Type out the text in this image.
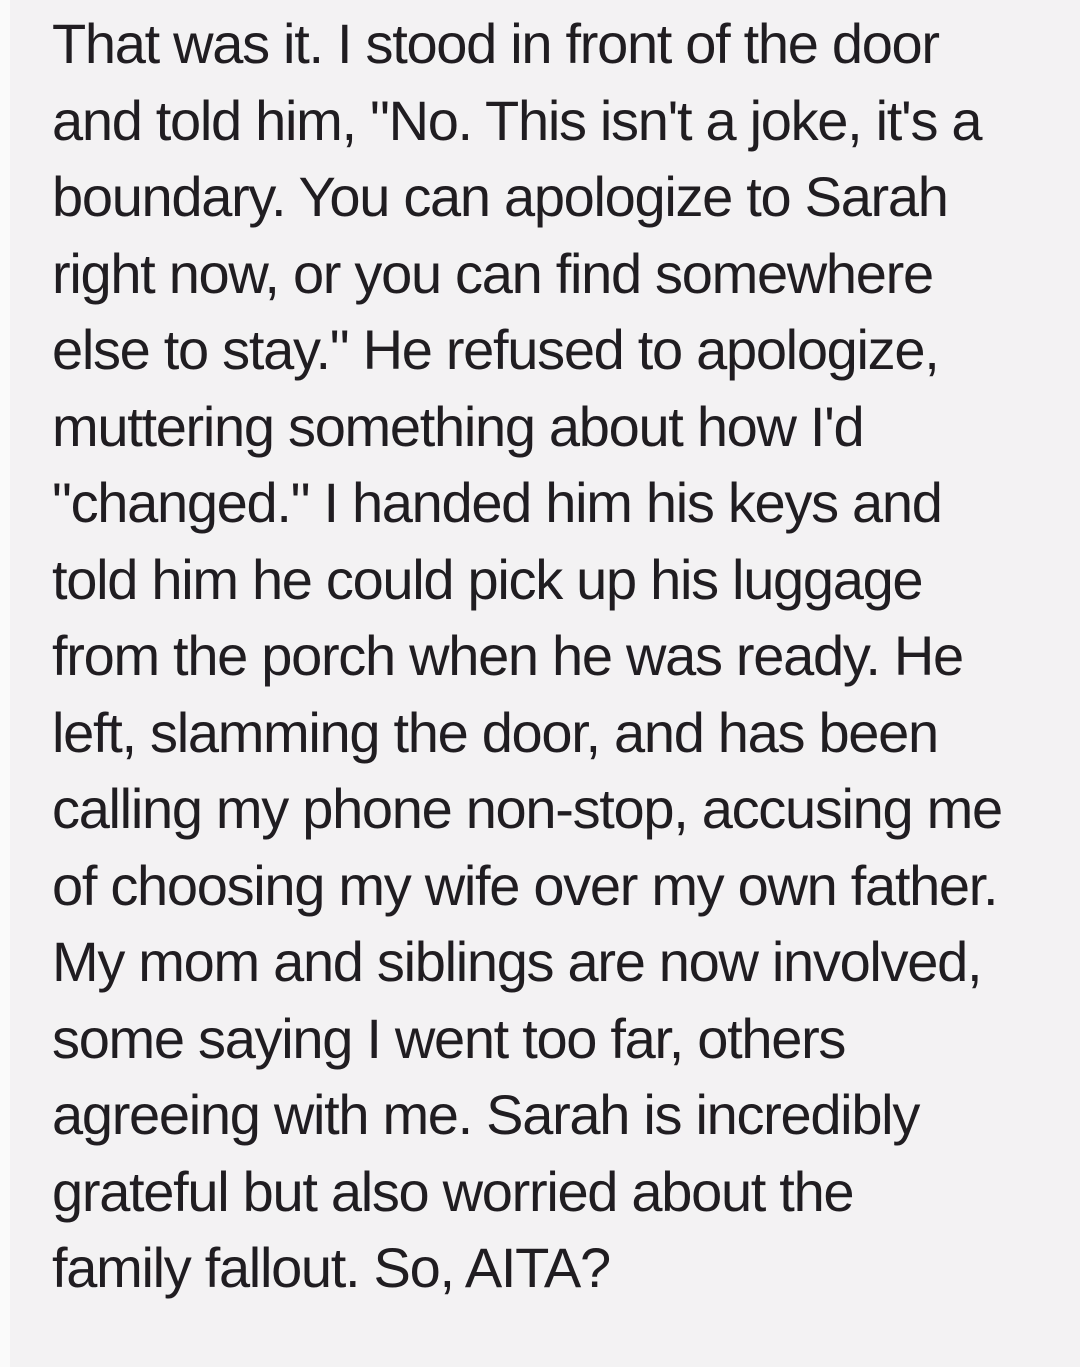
That was it. I stood in front of the door
and told him, "No. This isn't a joke, it's a
boundary. You can apologize to Sarah
right now, or you can find somewhere
else to stay." He refused to apologize,
muttering something about how I'd
"changed." I handed him his keys and
told him he could pick up his luggage
from the porch when he was ready. He
left, slamming the door, and has been
calling my phone non-stop, accusing me
of choosing my wife over my own father.
My mom and siblings are now involved,
some saying I went too far, others
agreeing with me. Sarah is incredibly
grateful but also worried about the
family fallout. So, AITA?
